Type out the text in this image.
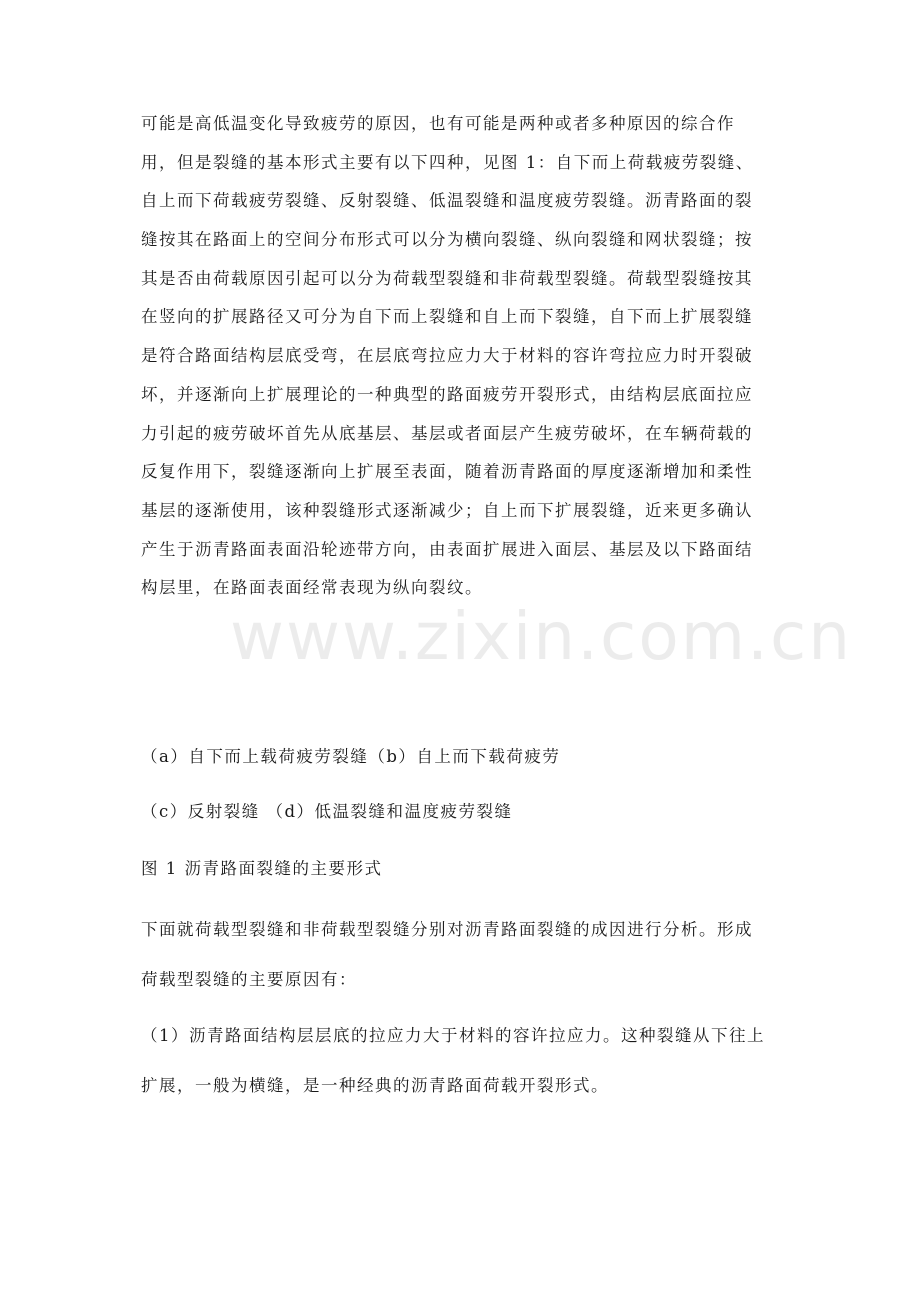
可能是高低温变化导致疲劳的原因，也有可能是两种或者多种原因的综合作
用，但是裂缝的基本形式主要有以下四种，见图 1：自下而上荷载疲劳裂缝、
自上而下荷载疲劳裂缝、反射裂缝、低温裂缝和温度疲劳裂缝。沥青路面的裂
缝按其在路面上的空间分布形式可以分为横向裂缝、纵向裂缝和网状裂缝；按
其是否由荷载原因引起可以分为荷载型裂缝和非荷载型裂缝。荷载型裂缝按其
在竖向的扩展路径又可分为自下而上裂缝和自上而下裂缝，自下而上扩展裂缝
是符合路面结构层底受弯，在层底弯拉应力大于材料的容许弯拉应力时开裂破
坏，并逐渐向上扩展理论的一种典型的路面疲劳开裂形式，由结构层底面拉应
力引起的疲劳破坏首先从底基层、基层或者面层产生疲劳破坏，在车辆荷载的
反复作用下，裂缝逐渐向上扩展至表面，随着沥青路面的厚度逐渐增加和柔性
基层的逐渐使用，该种裂缝形式逐渐减少；自上而下扩展裂缝，近来更多确认
产生于沥青路面表面沿轮迹带方向，由表面扩展进入面层、基层及以下路面结
构层里，在路面表面经常表现为纵向裂纹。
（a）自下而上载荷疲劳裂缝（b）自上而下载荷疲劳
（c）反射裂缝 （d）低温裂缝和温度疲劳裂缝
图 1 沥青路面裂缝的主要形式
下面就荷载型裂缝和非荷载型裂缝分别对沥青路面裂缝的成因进行分析。形成
荷载型裂缝的主要原因有：
（1）沥青路面结构层层底的拉应力大于材料的容许拉应力。这种裂缝从下往上
扩展，一般为横缝，是一种经典的沥青路面荷载开裂形式。
www.zixin.com.cn
